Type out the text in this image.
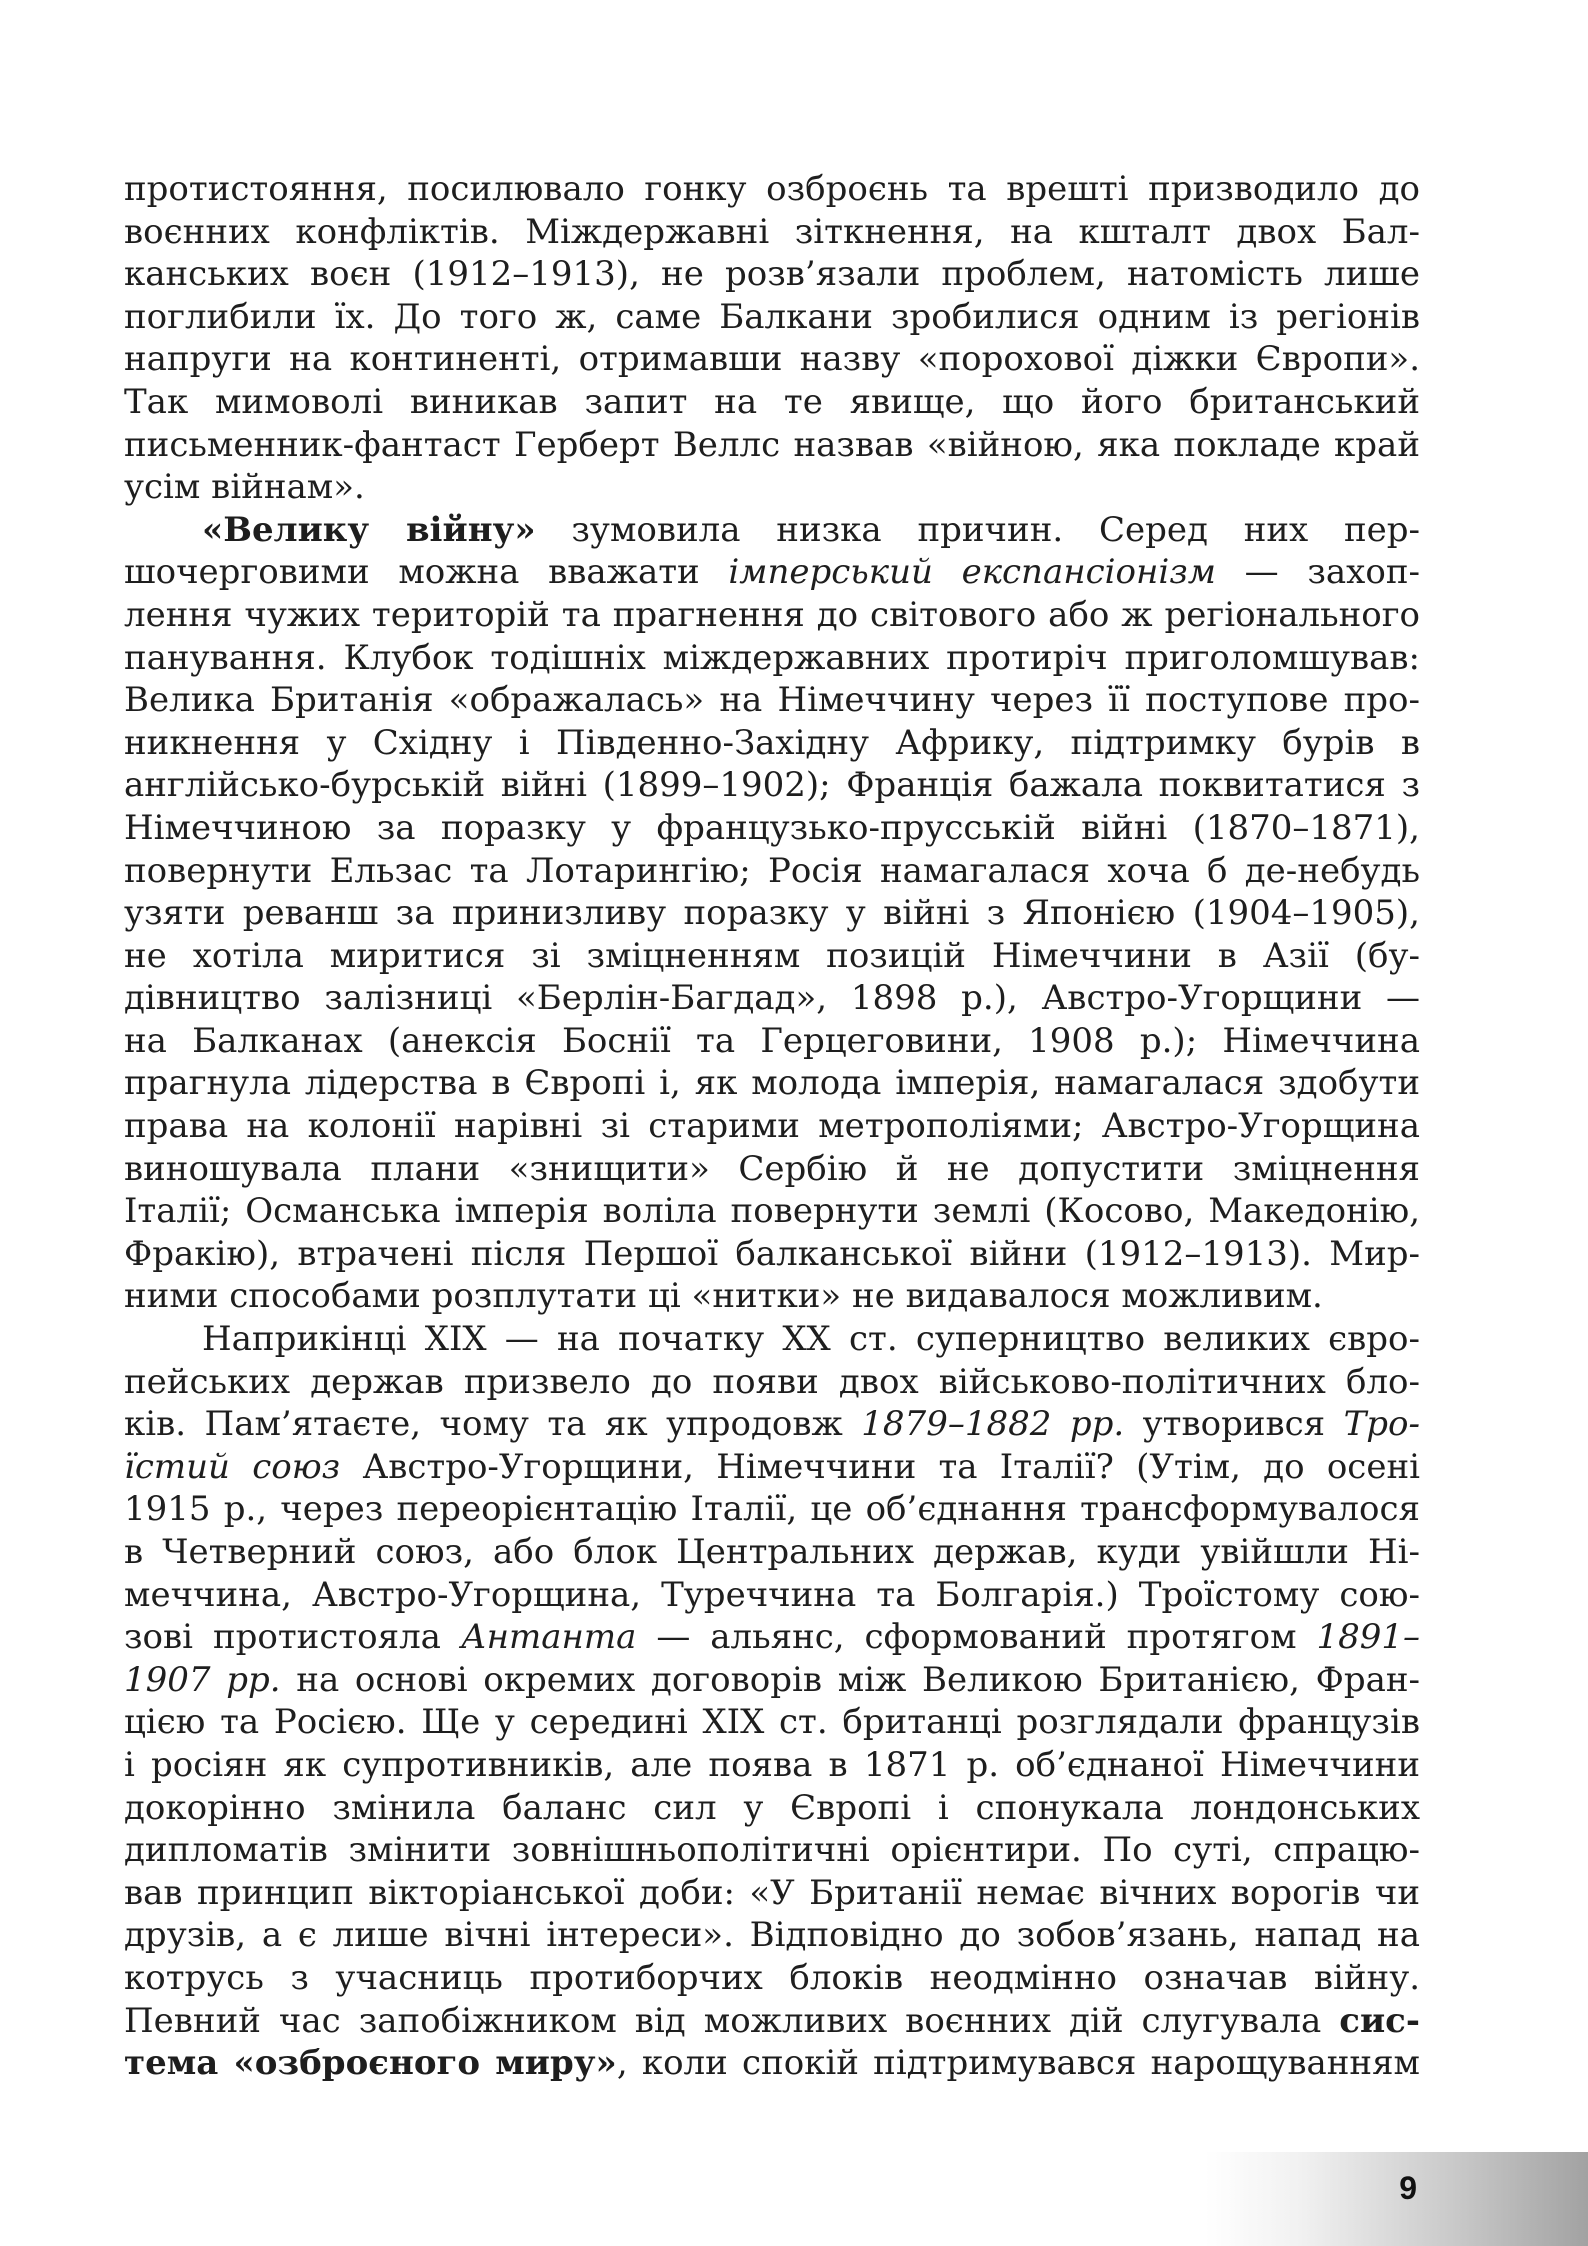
протистояння, посилювало гонку озброєнь та врешті призводило до
воєнних конфліктів. Міждержавні зіткнення, на кшталт двох Бал-
канських воєн (1912–1913), не розв’язали проблем, натомість лише
поглибили їх. До того ж, саме Балкани зробилися одним із регіонів
напруги на континенті, отримавши назву «порохової діжки Європи».
Так мимоволі виникав запит на те явище, що його британський
письменник-фантаст Герберт Веллс назвав «війною, яка покладе край
усім війнам».
«Велику війну» зумовила низка причин. Серед них пер-
шочерговими можна вважати імперський експансіонізм — захоп-
лення чужих територій та прагнення до світового або ж регіонального
панування. Клубок тодішніх міждержавних протиріч приголомшував:
Велика Британія «ображалась» на Німеччину через її поступове про-
никнення у Східну і Південно-Західну Африку, підтримку бурів в
англійсько-бурській війні (1899–1902); Франція бажала поквитатися з
Німеччиною за поразку у французько-прусській війні (1870–1871),
повернути Ельзас та Лотарингію; Росія намагалася хоча б де-небудь
узяти реванш за принизливу поразку у війні з Японією (1904–1905),
не хотіла миритися зі зміцненням позицій Німеччини в Азії (бу-
дівництво залізниці «Берлін-Багдад», 1898 р.), Австро-Угорщини —
на Балканах (анексія Боснії та Герцеговини, 1908 р.); Німеччина
прагнула лідерства в Європі і, як молода імперія, намагалася здобути
права на колонії нарівні зі старими метрополіями; Австро-Угорщина
виношувала плани «знищити» Сербію й не допустити зміцнення
Італії; Османська імперія воліла повернути землі (Косово, Македонію,
Фракію), втрачені після Першої балканської війни (1912–1913). Мир-
ними способами розплутати ці «нитки» не видавалося можливим.
Наприкінці XIX — на початку XX ст. суперництво великих євро-
пейських держав призвело до появи двох військово-політичних бло-
ків. Пам’ятаєте, чому та як упродовж 1879–1882 рр. утворився Тро-
їстий союз Австро-Угорщини, Німеччини та Італії? (Утім, до осені
1915 р., через переорієнтацію Італії, це об’єднання трансформувалося
в Четверний союз, або блок Центральних держав, куди увійшли Ні-
меччина, Австро-Угорщина, Туреччина та Болгарія.) Троїстому сою-
зові протистояла Антанта — альянс, сформований протягом 1891–
1907 рр. на основі окремих договорів між Великою Британією, Фран-
цією та Росією. Ще у середині XIX ст. британці розглядали французів
і росіян як супротивників, але поява в 1871 р. об’єднаної Німеччини
докорінно змінила баланс сил у Європі і спонукала лондонських
дипломатів змінити зовнішньополітичні орієнтири. По суті, спрацю-
вав принцип вікторіанської доби: «У Британії немає вічних ворогів чи
друзів, а є лише вічні інтереси». Відповідно до зобов’язань, напад на
котрусь з учасниць протиборчих блоків неодмінно означав війну.
Певний час запобіжником від можливих воєнних дій слугувала сис-
тема «озброєного миру», коли спокій підтримувався нарощуванням
9
